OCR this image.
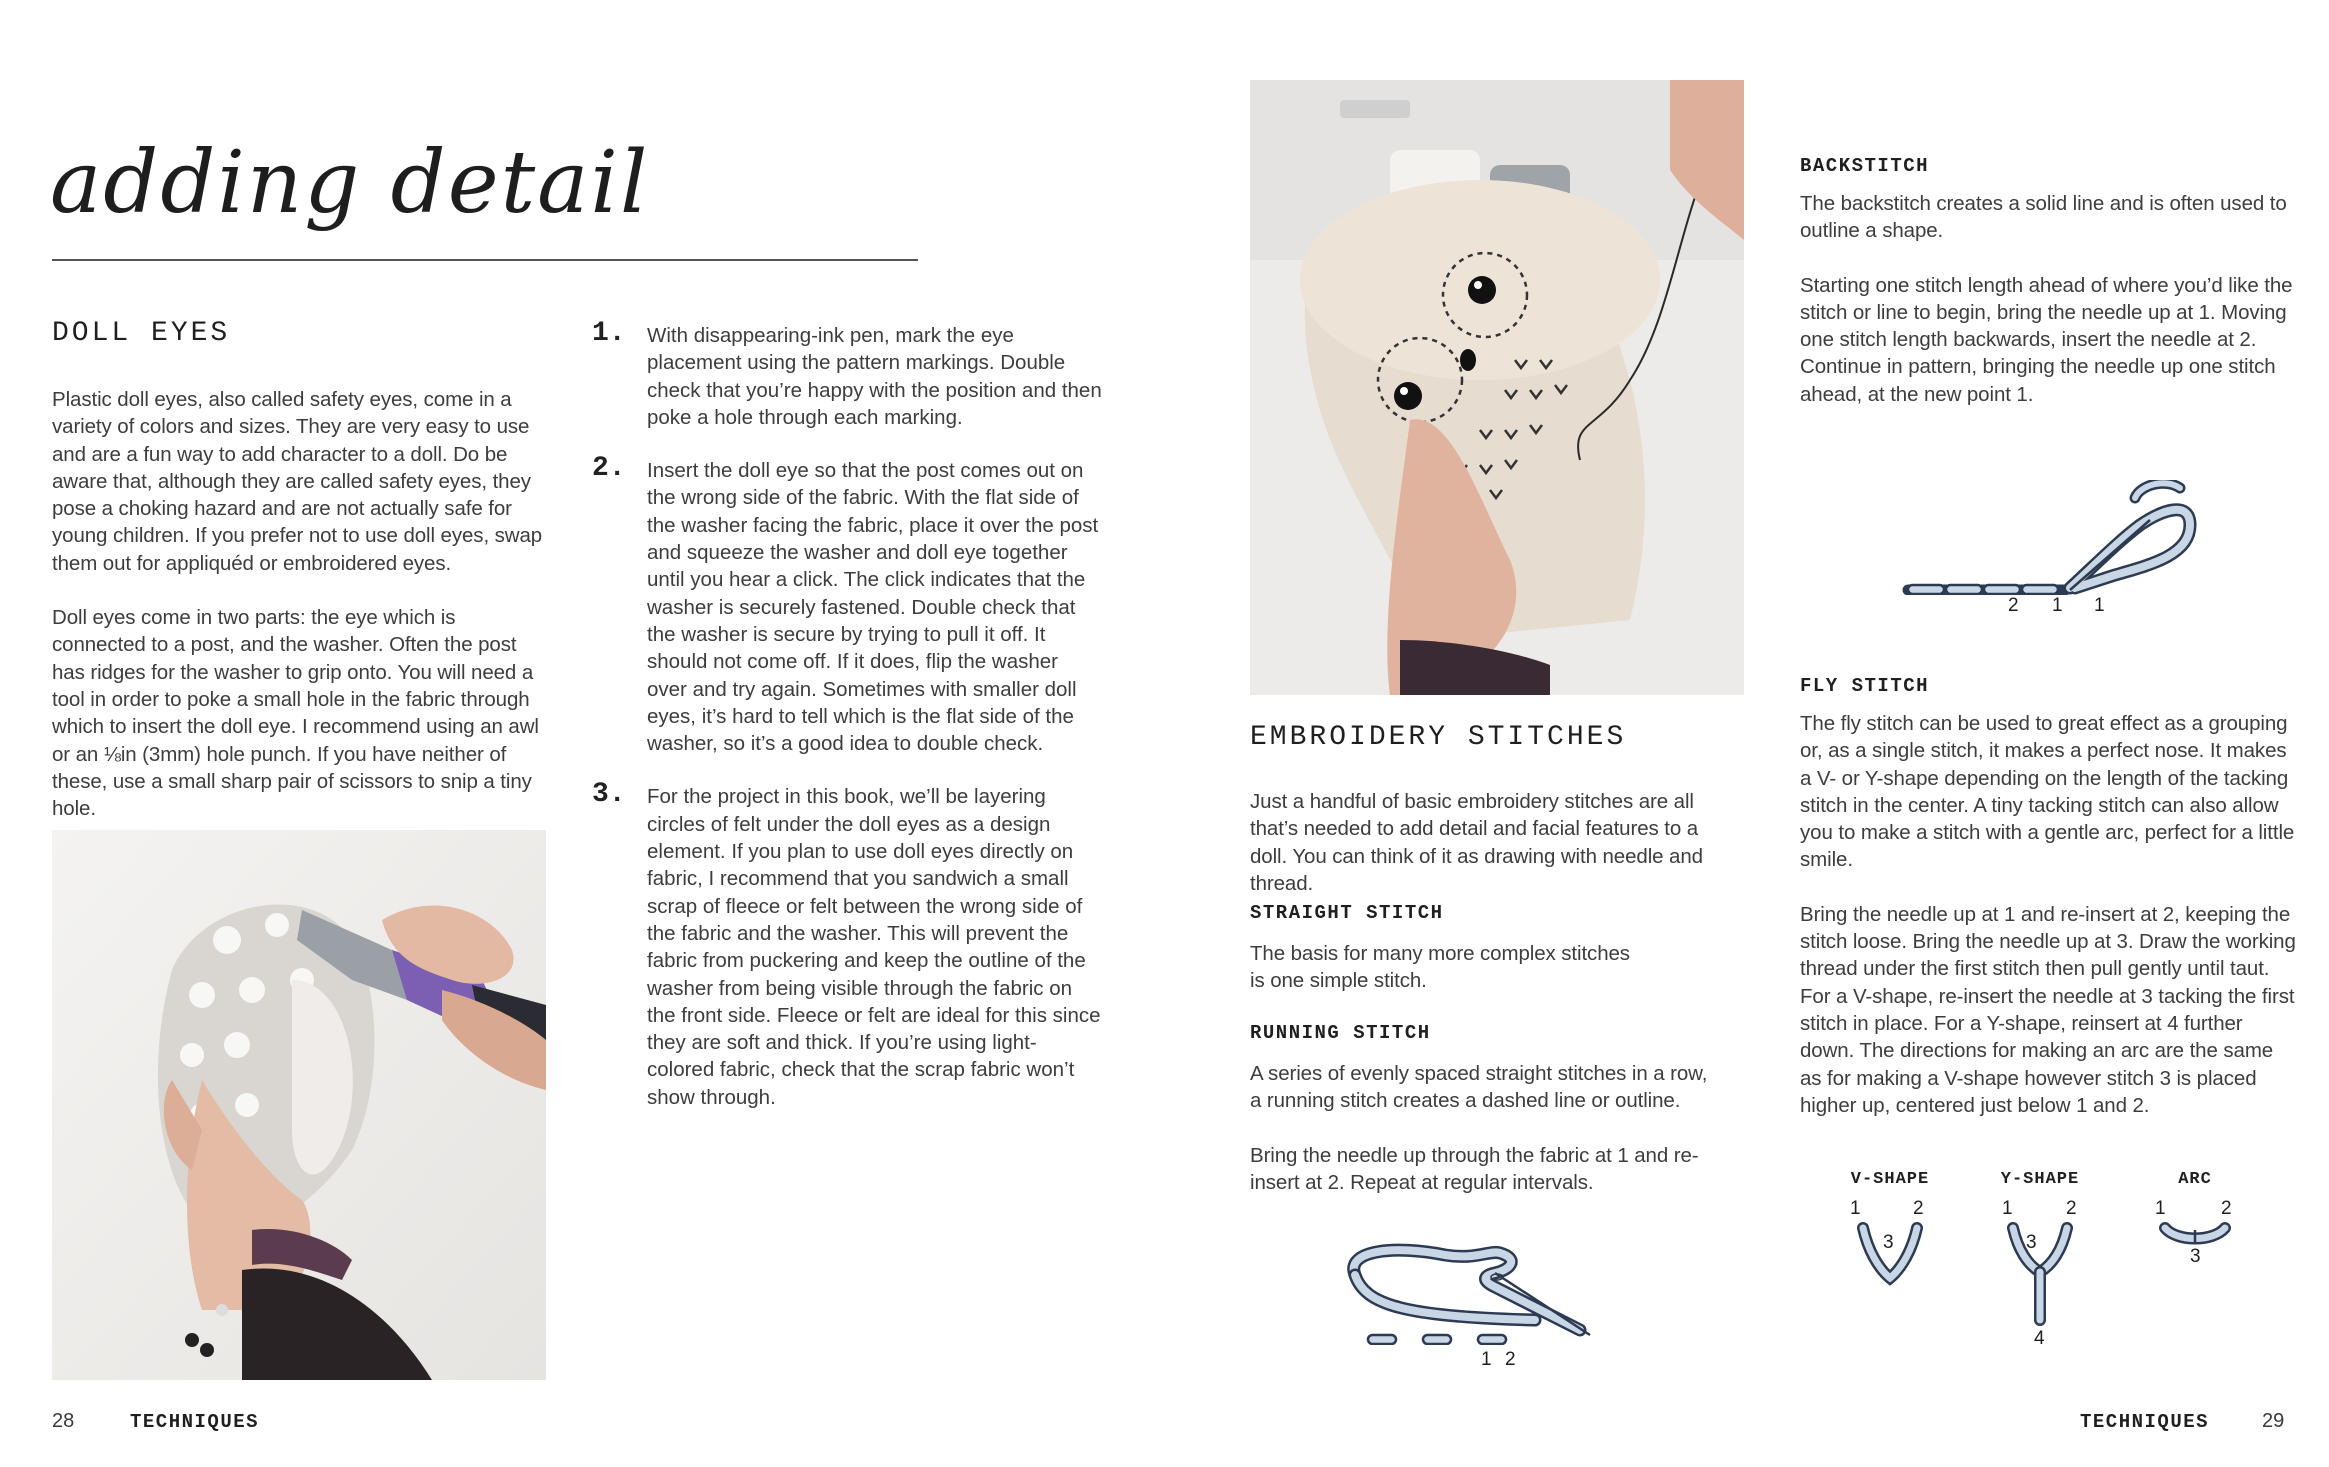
adding detail
DOLL EYES

Plastic doll eyes, also called safety eyes, come in a variety of colors and sizes. They are very easy to use and are a fun way to add character to a doll. Do be aware that, although they are called safety eyes, they pose a choking hazard and are not actually safe for young children. If you prefer not to use doll eyes, swap them out for appliquéd or embroidered eyes.

Doll eyes come in two parts: the eye which is connected to a post, and the washer. Often the post has ridges for the washer to grip onto. You will need a tool in order to poke a small hole in the fabric through which to insert the doll eye. I recommend using an awl or an ⅛in (3mm) hole punch. If you have neither of these, use a small sharp pair of scissors to snip a tiny hole.

1. With disappearing-ink pen, mark the eye placement using the pattern markings. Double check that you’re happy with the position and then poke a hole through each marking.
2. Insert the doll eye so that the post comes out on the wrong side of the fabric. With the flat side of the washer facing the fabric, place it over the post and squeeze the washer and doll eye together until you hear a click. The click indicates that the washer is securely fastened. Double check that the washer is secure by trying to pull it off. It should not come off. If it does, flip the washer over and try again. Sometimes with smaller doll eyes, it’s hard to tell which is the flat side of the washer, so it’s a good idea to double check.
3. For the project in this book, we’ll be layering circles of felt under the doll eyes as a design element. If you plan to use doll eyes directly on fabric, I recommend that you sandwich a small scrap of fleece or felt between the wrong side of the fabric and the washer. This will prevent the fabric from puckering and keep the outline of the washer from being visible through the fabric on the front side. Fleece or felt are ideal for this since they are soft and thick. If you’re using light-colored fabric, check that the scrap fabric won’t show through.
28	TECHNIQUES
EMBROIDERY STITCHES
Just a handful of basic embroidery stitches are all that’s needed to add detail and facial features to a doll. You can think of it as drawing with needle and thread.
STRAIGHT STITCH
The basis for many more complex stitches is one simple stitch.
RUNNING STITCH

A series of evenly spaced straight stitches in a row, a running stitch creates a dashed line or outline.

Bring the needle up through the fabric at 1 and re-insert at 2. Repeat at regular intervals.

1 2
BACKSTITCH

The backstitch creates a solid line and is often used to outline a shape.

Starting one stitch length ahead of where you’d like the stitch or line to begin, bring the needle up at 1. Moving one stitch length backwards, insert the needle at 2. Continue in pattern, bringing the needle up one stitch ahead, at the new point 1.

2 1 1
FLY STITCH

The fly stitch can be used to great effect as a grouping or, as a single stitch, it makes a perfect nose. It makes a V- or Y-shape depending on the length of the tacking stitch in the center. A tiny tacking stitch can also allow you to make a stitch with a gentle arc, perfect for a little smile.

Bring the needle up at 1 and re-insert at 2, keeping the stitch loose. Bring the needle up at 3. Draw the working thread under the first stitch then pull gently until taut. For a V-shape, re-insert the needle at 3 tacking the first stitch in place. For a Y-shape, reinsert at 4 further down. The directions for making an arc are the same as for making a V-shape however stitch 3 is placed higher up, centered just below 1 and 2.

V-SHAPE
1	2
3
Y-SHAPE
1	2
3
4
ARC
1	2
3
TECHNIQUES	29
